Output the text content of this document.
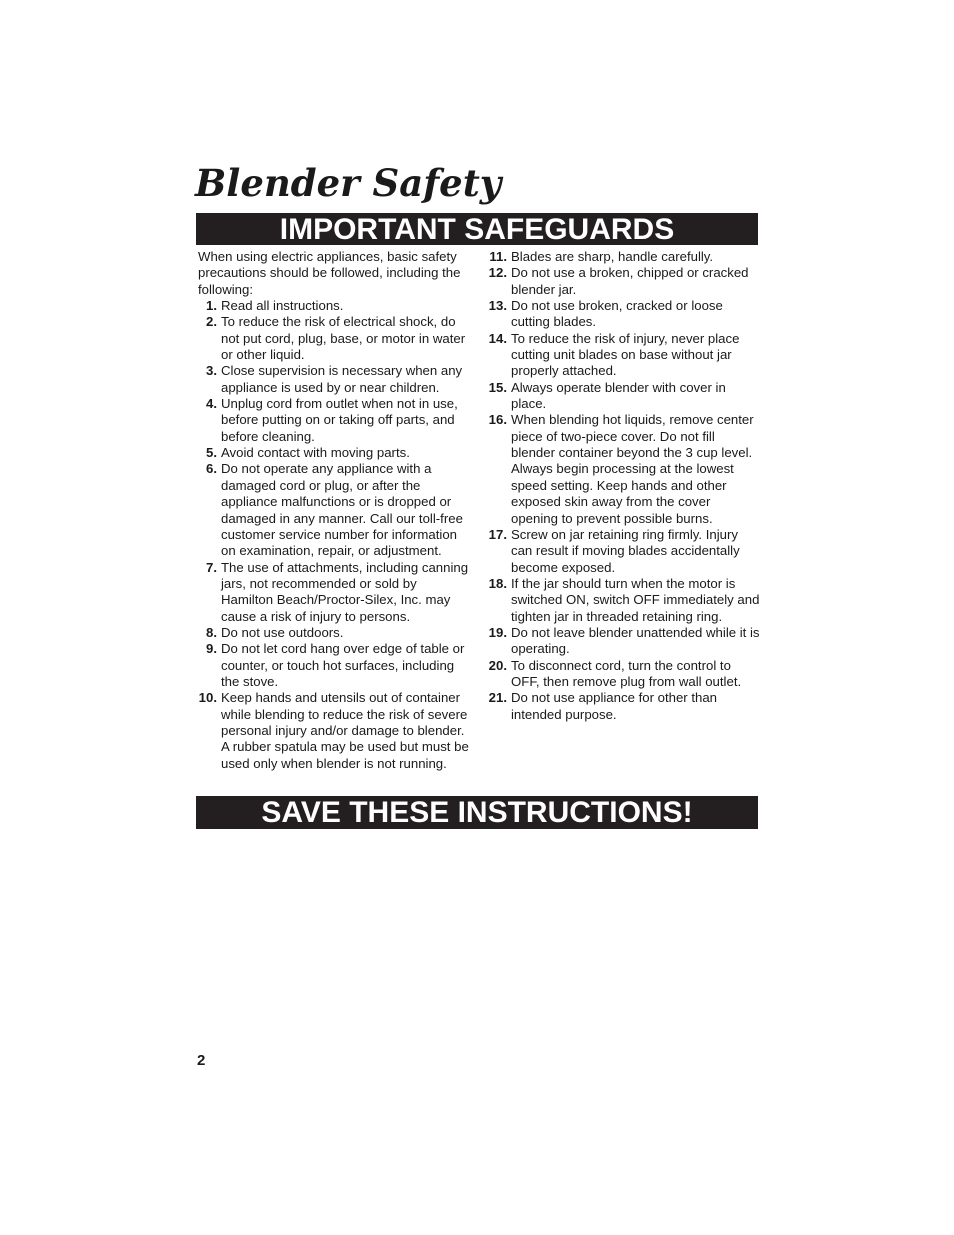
Blender Safety
IMPORTANT SAFEGUARDS

When using electric appliances, basic safety precautions should be followed, including the following:

1. Read all instructions.
2. To reduce the risk of electrical shock, do not put cord, plug, base, or motor in water or other liquid.
3. Close supervision is necessary when any appliance is used by or near children.
4. Unplug cord from outlet when not in use, before putting on or taking off parts, and before cleaning.
5. Avoid contact with moving parts.
6. Do not operate any appliance with a damaged cord or plug, or after the appliance malfunctions or is dropped or damaged in any manner. Call our toll-free customer service number for information on examination, repair, or adjustment.
7. The use of attachments, including canning jars, not recommended or sold by Hamilton Beach/Proctor-Silex, Inc. may cause a risk of injury to persons.
8. Do not use outdoors.
9. Do not let cord hang over edge of table or counter, or touch hot surfaces, including the stove.
10. Keep hands and utensils out of container while blending to reduce the risk of severe personal injury and/or damage to blender. A rubber spatula may be used but must be used only when blender is not running.
11. Blades are sharp, handle carefully.
12. Do not use a broken, chipped or cracked blender jar.
13. Do not use broken, cracked or loose cutting blades.
14. To reduce the risk of injury, never place cutting unit blades on base without jar properly attached.
15. Always operate blender with cover in place.
16. When blending hot liquids, remove center piece of two-piece cover. Do not fill blender container beyond the 3 cup level. Always begin processing at the lowest speed setting. Keep hands and other exposed skin away from the cover opening to prevent possible burns.
17. Screw on jar retaining ring firmly. Injury can result if moving blades accidentally become exposed.
18. If the jar should turn when the motor is switched ON, switch OFF immediately and tighten jar in threaded retaining ring.
19. Do not leave blender unattended while it is operating.
20. To disconnect cord, turn the control to OFF, then remove plug from wall outlet.
21. Do not use appliance for other than intended purpose.
SAVE THESE INSTRUCTIONS!
2
